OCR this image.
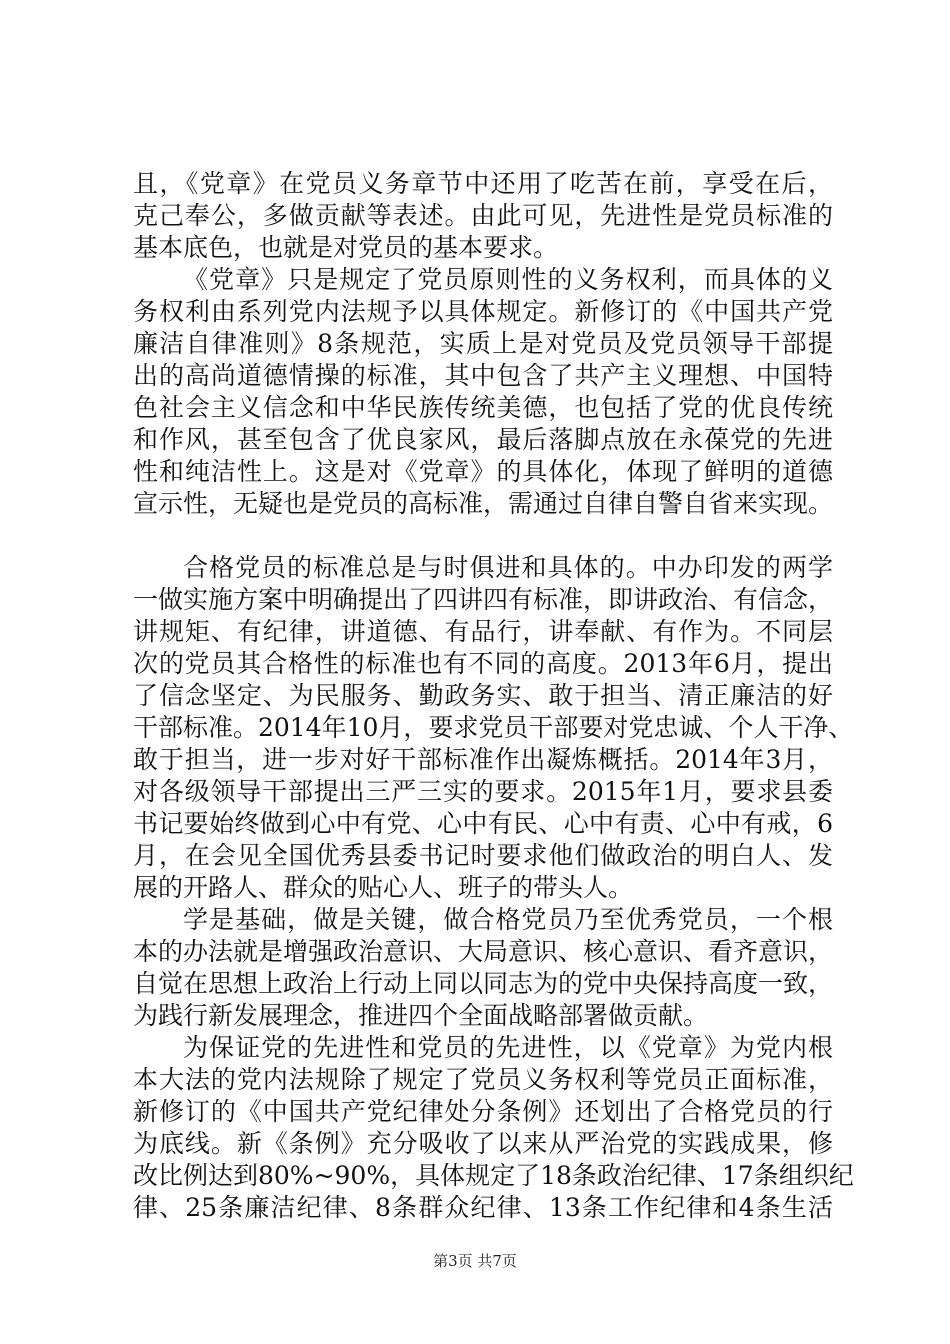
且，《党章》在党员义务章节中还用了吃苦在前，享受在后，
克己奉公，多做贡献等表述。由此可见，先进性是党员标准的
基本底色，也就是对党员的基本要求。
《党章》只是规定了党员原则性的义务权利，而具体的义
务权利由系列党内法规予以具体规定。新修订的《中国共产党
廉洁自律准则》8条规范，实质上是对党员及党员领导干部提
出的高尚道德情操的标准，其中包含了共产主义理想、中国特
色社会主义信念和中华民族传统美德，也包括了党的优良传统
和作风，甚至包含了优良家风，最后落脚点放在永葆党的先进
性和纯洁性上。这是对《党章》的具体化，体现了鲜明的道德
宣示性，无疑也是党员的高标准，需通过自律自警自省来实现。
合格党员的标准总是与时俱进和具体的。中办印发的两学
一做实施方案中明确提出了四讲四有标准，即讲政治、有信念，
讲规矩、有纪律，讲道德、有品行，讲奉献、有作为。不同层
次的党员其合格性的标准也有不同的高度。2013年6月，提出
了信念坚定、为民服务、勤政务实、敢于担当、清正廉洁的好
干部标准。2014年10月，要求党员干部要对党忠诚、个人干净、
敢于担当，进一步对好干部标准作出凝炼概括。2014年3月，
对各级领导干部提出三严三实的要求。2015年1月，要求县委
书记要始终做到心中有党、心中有民、心中有责、心中有戒，6
月，在会见全国优秀县委书记时要求他们做政治的明白人、发
展的开路人、群众的贴心人、班子的带头人。
学是基础，做是关键，做合格党员乃至优秀党员，一个根
本的办法就是增强政治意识、大局意识、核心意识、看齐意识，
自觉在思想上政治上行动上同以同志为的党中央保持高度一致，
为践行新发展理念，推进四个全面战略部署做贡献。
为保证党的先进性和党员的先进性，以《党章》为党内根
本大法的党内法规除了规定了党员义务权利等党员正面标准，
新修订的《中国共产党纪律处分条例》还划出了合格党员的行
为底线。新《条例》充分吸收了以来从严治党的实践成果，修
改比例达到80%~90%，具体规定了18条政治纪律、17条组织纪
律、25条廉洁纪律、8条群众纪律、13条工作纪律和4条生活
第3页 共7页
